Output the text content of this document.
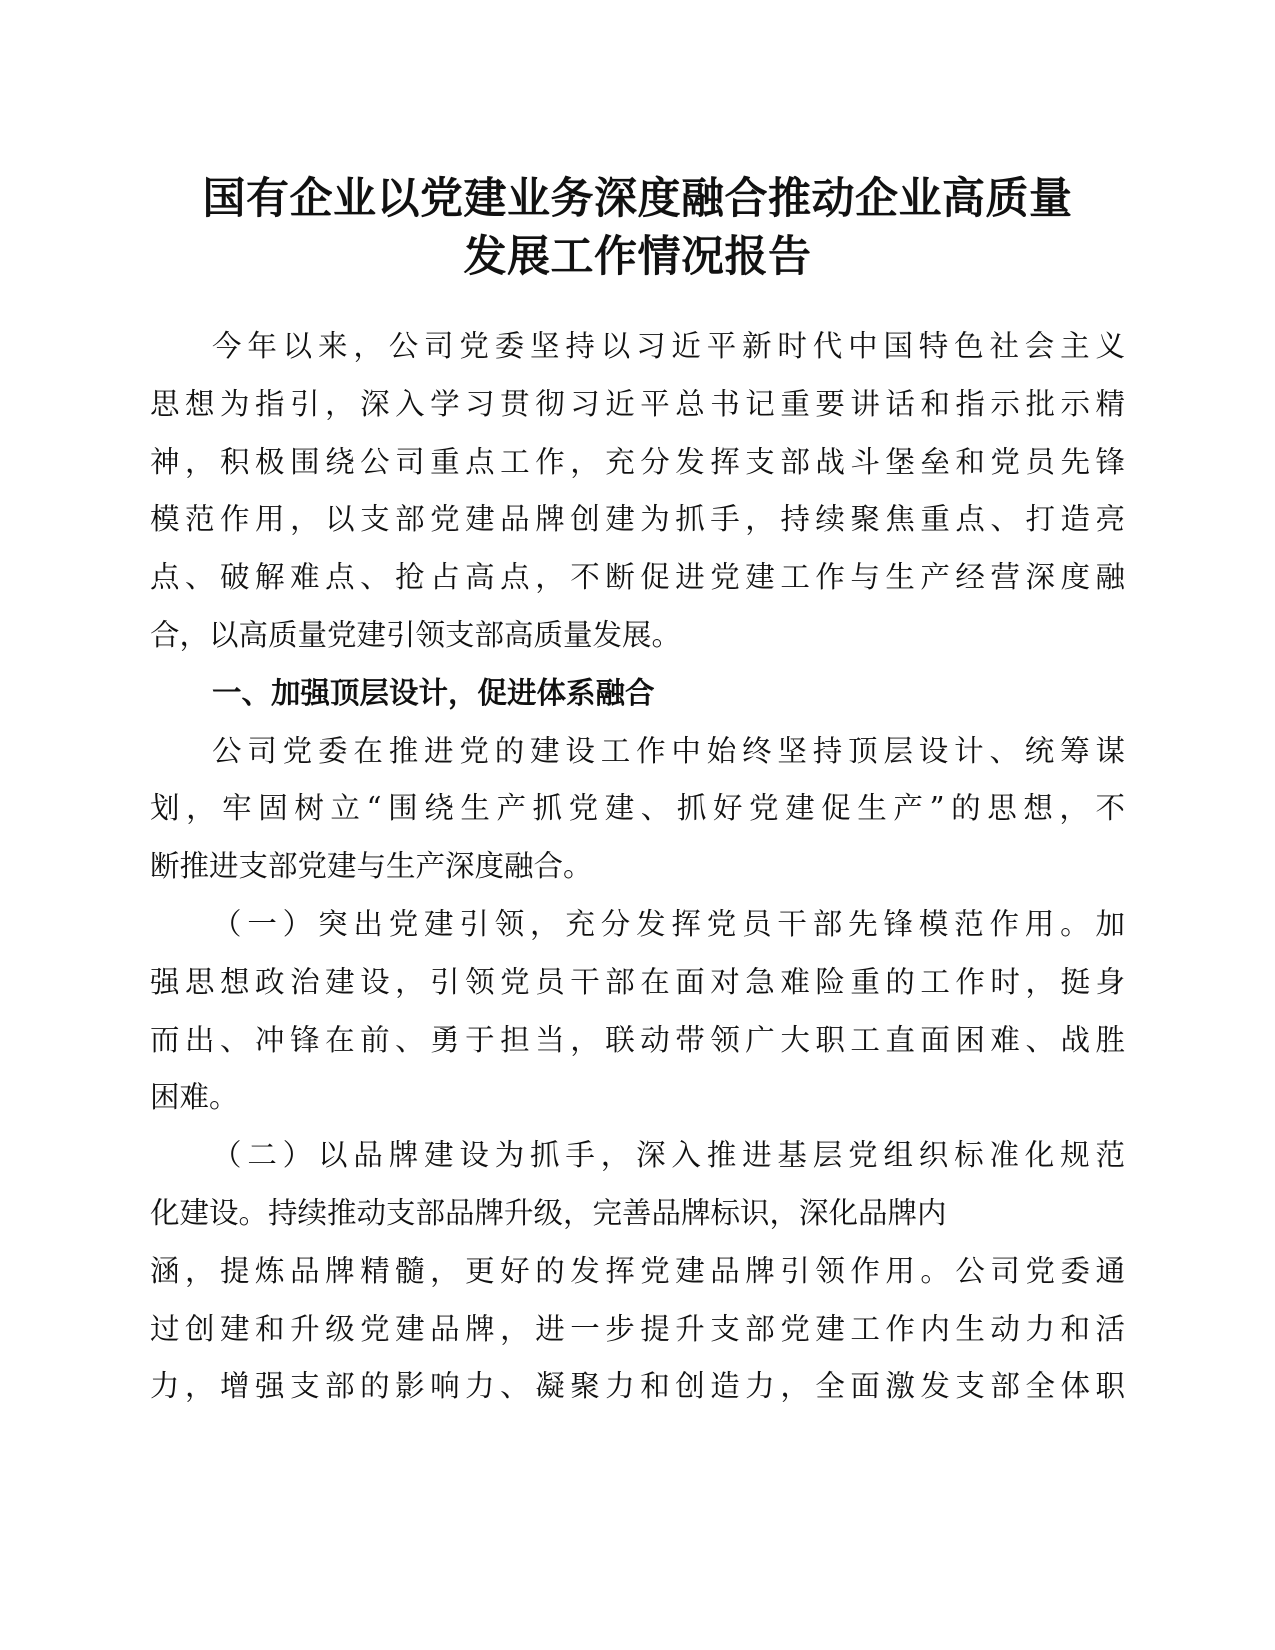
国有企业以党建业务深度融合推动企业高质量
发展工作情况报告
今年以来，公司党委坚持以习近平新时代中国特色社会主义
思想为指引，深入学习贯彻习近平总书记重要讲话和指示批示精
神，积极围绕公司重点工作，充分发挥支部战斗堡垒和党员先锋
模范作用，以支部党建品牌创建为抓手，持续聚焦重点、打造亮
点、破解难点、抢占高点，不断促进党建工作与生产经营深度融
合，以高质量党建引领支部高质量发展。
一、加强顶层设计，促进体系融合
公司党委在推进党的建设工作中始终坚持顶层设计、统筹谋
划，牢固树立“围绕生产抓党建、抓好党建促生产”的思想，不
断推进支部党建与生产深度融合。
（一）突出党建引领，充分发挥党员干部先锋模范作用。加
强思想政治建设，引领党员干部在面对急难险重的工作时，挺身
而出、冲锋在前、勇于担当，联动带领广大职工直面困难、战胜
困难。
（二）以品牌建设为抓手，深入推进基层党组织标准化规范
化建设。持续推动支部品牌升级，完善品牌标识，深化品牌内
涵，提炼品牌精髓，更好的发挥党建品牌引领作用。公司党委通
过创建和升级党建品牌，进一步提升支部党建工作内生动力和活
力，增强支部的影响力、凝聚力和创造力，全面激发支部全体职
